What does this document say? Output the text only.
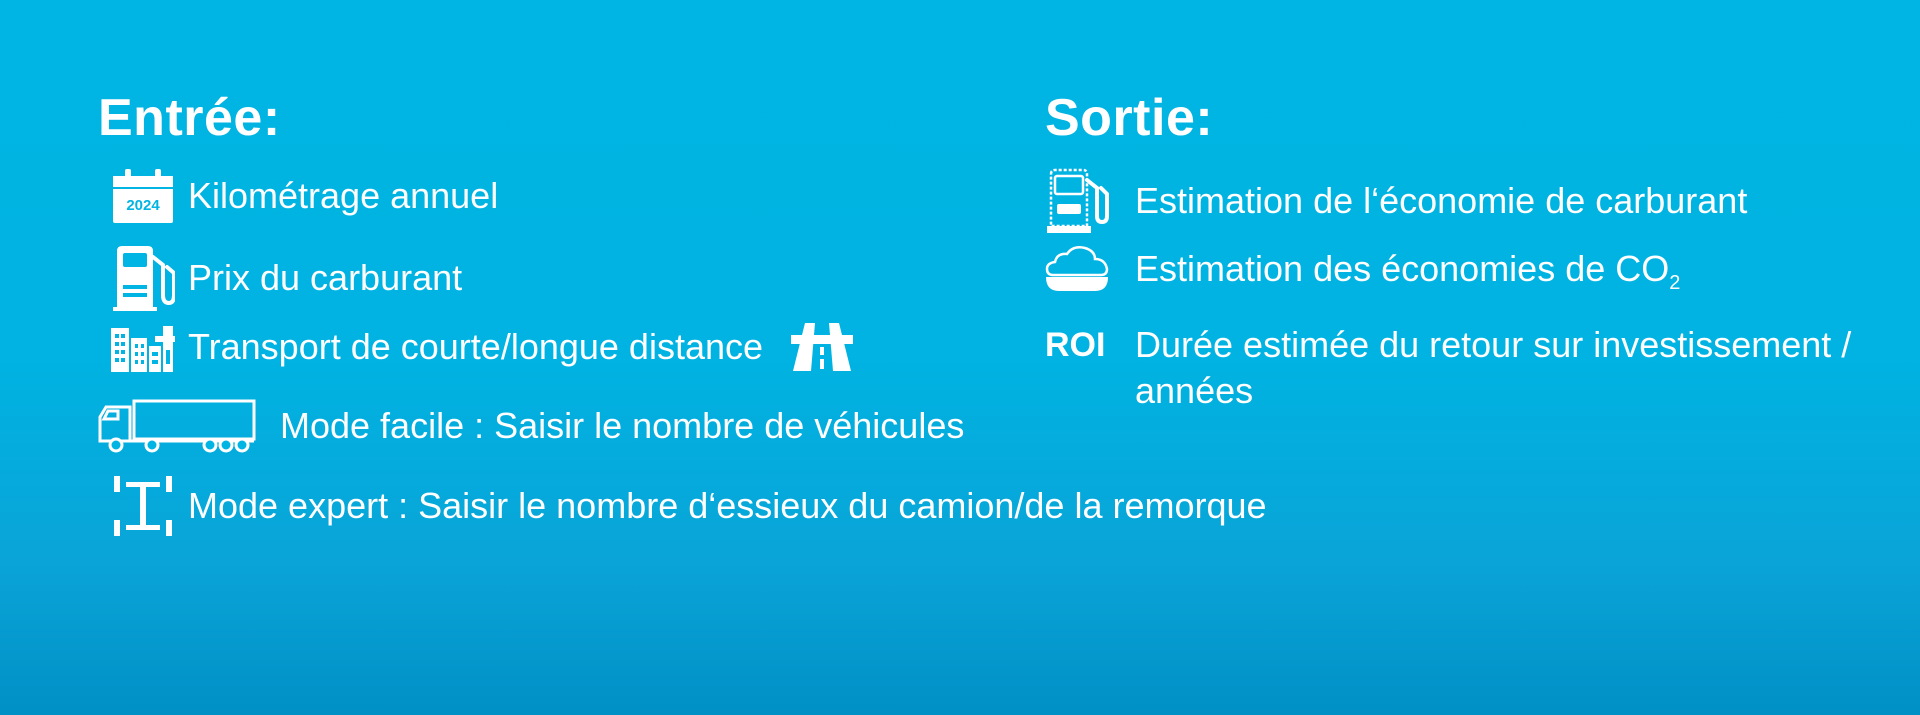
Entrée:
2024 Kilométrage annuel
Prix du carburant
Transport de courte/longue distance
Mode facile : Saisir le nombre de véhicules
Mode expert : Saisir le nombre d‘essieux du camion/de la remorque
Sortie:
Estimation de l‘économie de carburant
Estimation des économies de $CO_2$
ROI Durée estimée du retour sur investissement / années
